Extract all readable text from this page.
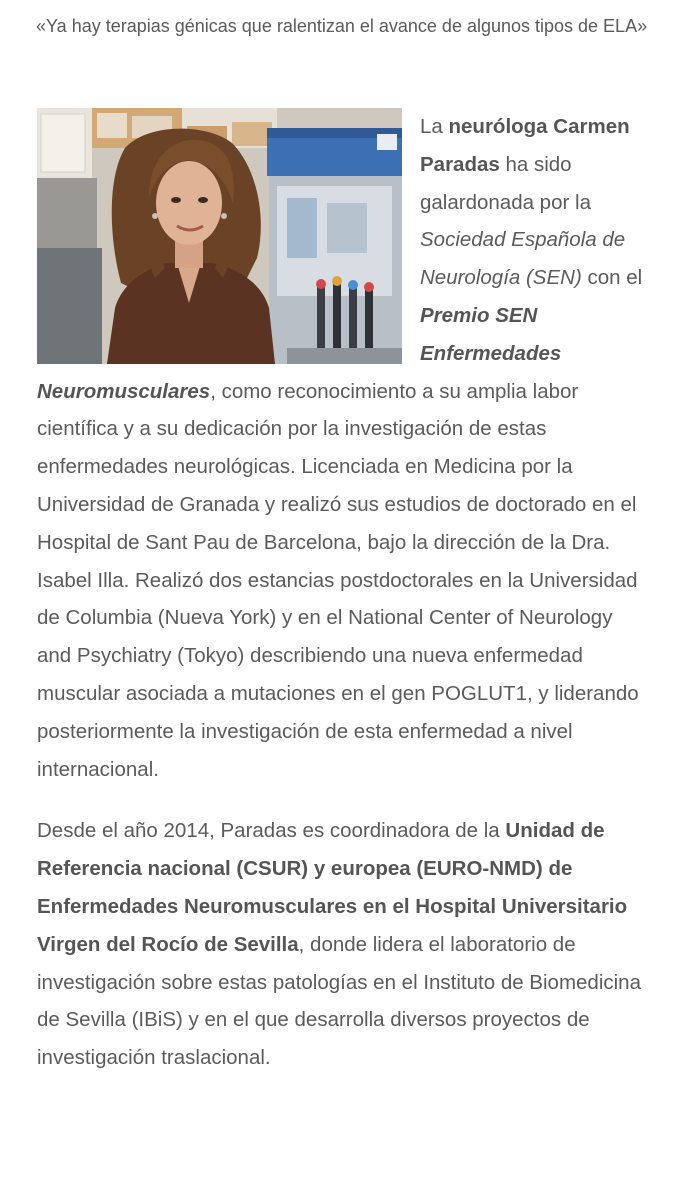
«Ya hay terapias génicas que ralentizan el avance de algunos tipos de ELA»

La neuróloga Carmen Paradas ha sido galardonada por la Sociedad Española de Neurología (SEN) con el Premio SEN Enfermedades Neuromusculares, como reconocimiento a su amplia labor científica y a su dedicación por la investigación de estas enfermedades neurológicas. Licenciada en Medicina por la Universidad de Granada y realizó sus estudios de doctorado en el Hospital de Sant Pau de Barcelona, bajo la dirección de la Dra. Isabel Illa. Realizó dos estancias postdoctorales en la Universidad de Columbia (Nueva York) y en el National Center of Neurology and Psychiatry (Tokyo) describiendo una nueva enfermedad muscular asociada a mutaciones en el gen POGLUT1, y liderando posteriormente la investigación de esta enfermedad a nivel internacional.

Desde el año 2014, Paradas es coordinadora de la Unidad de Referencia nacional (CSUR) y europea (EURO-NMD) de Enfermedades Neuromusculares en el Hospital Universitario Virgen del Rocío de Sevilla, donde lidera el laboratorio de investigación sobre estas patologías en el Instituto de Biomedicina de Sevilla (IBiS) y en el que desarrolla diversos proyectos de investigación traslacional.
